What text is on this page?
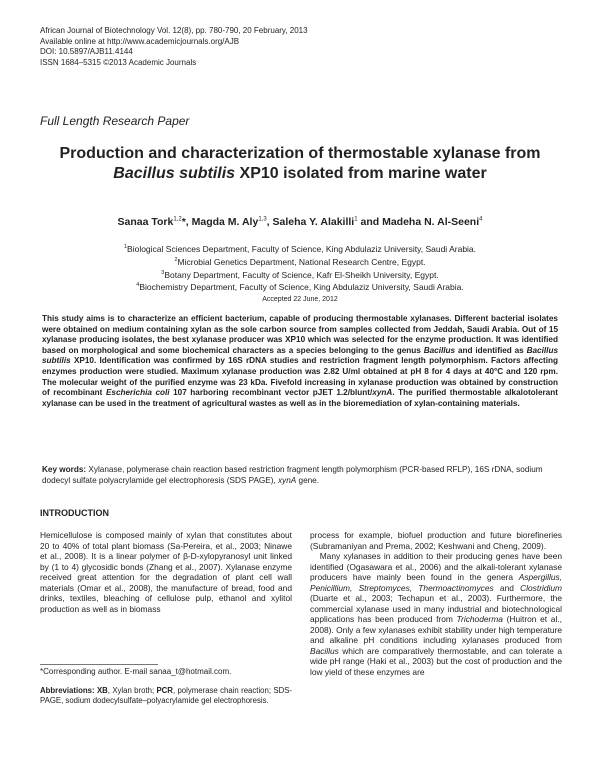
African Journal of Biotechnology Vol. 12(8), pp. 780-790, 20 February, 2013
Available online at http://www.academicjournals.org/AJB
DOI: 10.5897/AJB11.4144
ISSN 1684–5315 ©2013 Academic Journals
Full Length Research Paper
Production and characterization of thermostable xylanase from Bacillus subtilis XP10 isolated from marine water
Sanaa Tork$^{1,2}$*, Magda M. Aly$^{1,3}$, Saleha Y. Alakilli$^1$ and Madeha N. Al-Seeni$^4$
$^1$Biological Sciences Department, Faculty of Science, King Abdulaziz University, Saudi Arabia.
$^2$Microbial Genetics Department, National Research Centre, Egypt.
$^3$Botany Department, Faculty of Science, Kafr El-Sheikh University, Egypt.
$^4$Biochemistry Department, Faculty of Science, King Abdulaziz University, Saudi Arabia.
Accepted 22 June, 2012
This study aims is to characterize an efficient bacterium, capable of producing thermostable xylanases. Different bacterial isolates were obtained on medium containing xylan as the sole carbon source from samples collected from Jeddah, Saudi Arabia. Out of 15 xylanase producing isolates, the best xylanase producer was XP10 which was selected for the enzyme production. It was identified based on morphological and some biochemical characters as a species belonging to the genus Bacillus and identified as Bacillus subtilis XP10. Identification was confirmed by 16S rDNA studies and restriction fragment length polymorphism. Factors affecting enzymes production were studied. Maximum xylanase production was 2.82 U/ml obtained at pH 8 for 4 days at 40°C and 120 rpm. The molecular weight of the purified enzyme was 23 kDa. Fivefold increasing in xylanase production was obtained by construction of recombinant Escherichia coli 107 harboring recombinant vector pJET 1.2/blunt/xynA. The purified thermostable alkalotolerant xylanase can be used in the treatment of agricultural wastes as well as in the bioremediation of xylan-containing materials.
Key words: Xylanase, polymerase chain reaction based restriction fragment length polymorphism (PCR-based RFLP), 16S rDNA, sodium dodecyl sulfate polyacrylamide gel electrophoresis (SDS PAGE), xynA gene.
INTRODUCTION

Hemicellulose is composed mainly of xylan that constitutes about 20 to 40% of total plant biomass (Sa-Pereira, et al., 2003; Ninawe et al., 2008). It is a linear polymer of β-D-xylopyranosyl unit linked by (1 to 4) glycosidic bonds (Zhang et al., 2007). Xylanase enzyme received great attention for the degradation of plant cell wall materials (Omar et al., 2008), the manufacture of bread, food and drinks, textiles, bleaching of cellulose pulp, ethanol and xylitol production as well as in biomass

process for example, biofuel production and future biorefineries (Subramaniyan and Prema, 2002; Keshwani and Cheng, 2009).

Many xylanases in addition to their producing genes have been identified (Ogasawara et al., 2006) and the alkali-tolerant xylanase producers have mainly been found in the genera Aspergillus, Penicillium, Streptomyces, Thermoactinomyces and Clostridium (Duarte et al., 2003; Techapun et al., 2003). Furthermore, the commercial xylanase used in many industrial and biotechnological applications has been produced from Trichoderma (Huitron et al., 2008). Only a few xylanases exhibit stability under high temperature and alkaline pH conditions including xylanases produced from Bacillus which are comparatively thermostable, and can tolerate a wide pH range (Haki et al., 2003) but the cost of production and the low yield of these enzymes are

*Corresponding author. E-mail sanaa_t@hotmail.com.
Abbreviations: XB, Xylan broth; PCR, polymerase chain reaction; SDS-PAGE, sodium dodecylsulfate–polyacrylamide gel electrophoresis.
